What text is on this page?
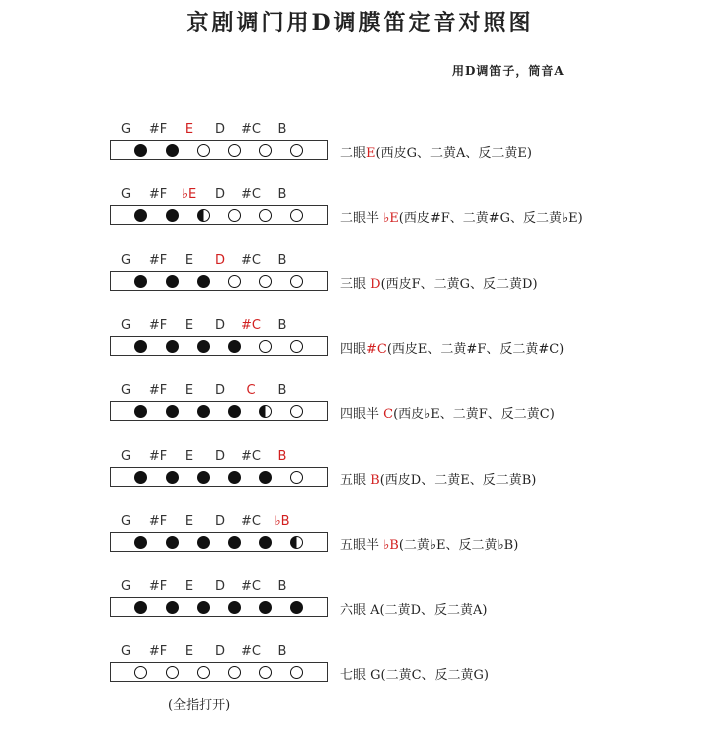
京剧调门用D调膜笛定音对照图
用D调笛子，筒音A
G	#F	E	D	#C	B
二眼E(西皮G、二黄A、反二黄E)
G	#F	♭E	D	#C	B
二眼半 ♭E(西皮#F、二黄#G、反二黄♭E)
G	#F	E	D	#C	B
三眼 D(西皮F、二黄G、反二黄D)
G	#F	E	D	#C	B
四眼#C(西皮E、二黄#F、反二黄#C)
G	#F	E	D	C	B
四眼半 C(西皮♭E、二黄F、反二黄C)
G	#F	E	D	#C	B
五眼 B(西皮D、二黄E、反二黄B)
G	#F	E	D	#C	♭B
五眼半 ♭B(二黄♭E、反二黄♭B)
G	#F	E	D	#C	B
六眼 A(二黄D、反二黄A)
G	#F	E	D	#C	B
七眼 G(二黄C、反二黄G)
(全指打开)
